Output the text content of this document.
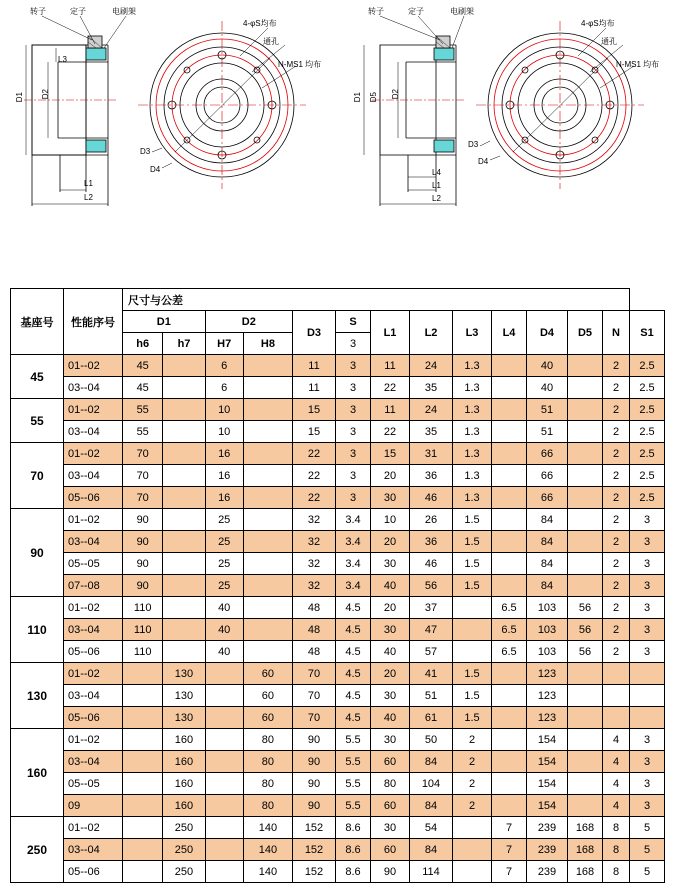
转子	定子	电刷架
4-φS均布
通孔
N-MS1 均布
D3
D4
D1 D2
L3
L1
L2
转子	定子	电刷架
4-φS均布
通孔
N-MS1 均布
D3
D4
D1 D5 D2
L4
L1
L2
基座号	性能序号	尺寸与公差													
		D1		D2		D3	S	L1	L2	L3	L4	D4	D5	N	S1
		h6	h7	H7	H8		3								
45	01--02	45		6		11	3	11	24	1.3		40		2	2.5
	03--04	45		6		11	3	22	35	1.3		40		2	2.5
55	01--02	55		10		15	3	11	24	1.3		51		2	2.5
	03--04	55		10		15	3	22	35	1.3		51		2	2.5
70	01--02	70		16		22	3	15	31	1.3		66		2	2.5
	03--04	70		16		22	3	20	36	1.3		66		2	2.5
	05--06	70		16		22	3	30	46	1.3		66		2	2.5
90	01--02	90		25		32	3.4	10	26	1.5		84		2	3
	03--04	90		25		32	3.4	20	36	1.5		84		2	3
	05--05	90		25		32	3.4	30	46	1.5		84		2	3
	07--08	90		25		32	3.4	40	56	1.5		84		2	3
110	01--02	110		40		48	4.5	20	37		6.5	103	56	2	3
	03--04	110		40		48	4.5	30	47		6.5	103	56	2	3
	05--06	110		40		48	4.5	40	57		6.5	103	56	2	3
130	01--02		130		60	70	4.5	20	41	1.5		123			
	03--04		130		60	70	4.5	30	51	1.5		123			
	05--06		130		60	70	4.5	40	61	1.5		123			
160	01--02		160		80	90	5.5	30	50	2		154		4	3
	03--04		160		80	90	5.5	60	84	2		154		4	3
	05--05		160		80	90	5.5	80	104	2		154		4	3
	09		160		80	90	5.5	60	84	2		154		4	3
250	01--02		250		140	152	8.6	30	54		7	239	168	8	5
	03--04		250		140	152	8.6	60	84		7	239	168	8	5
	05--06		250		140	152	8.6	90	114		7	239	168	8	5
